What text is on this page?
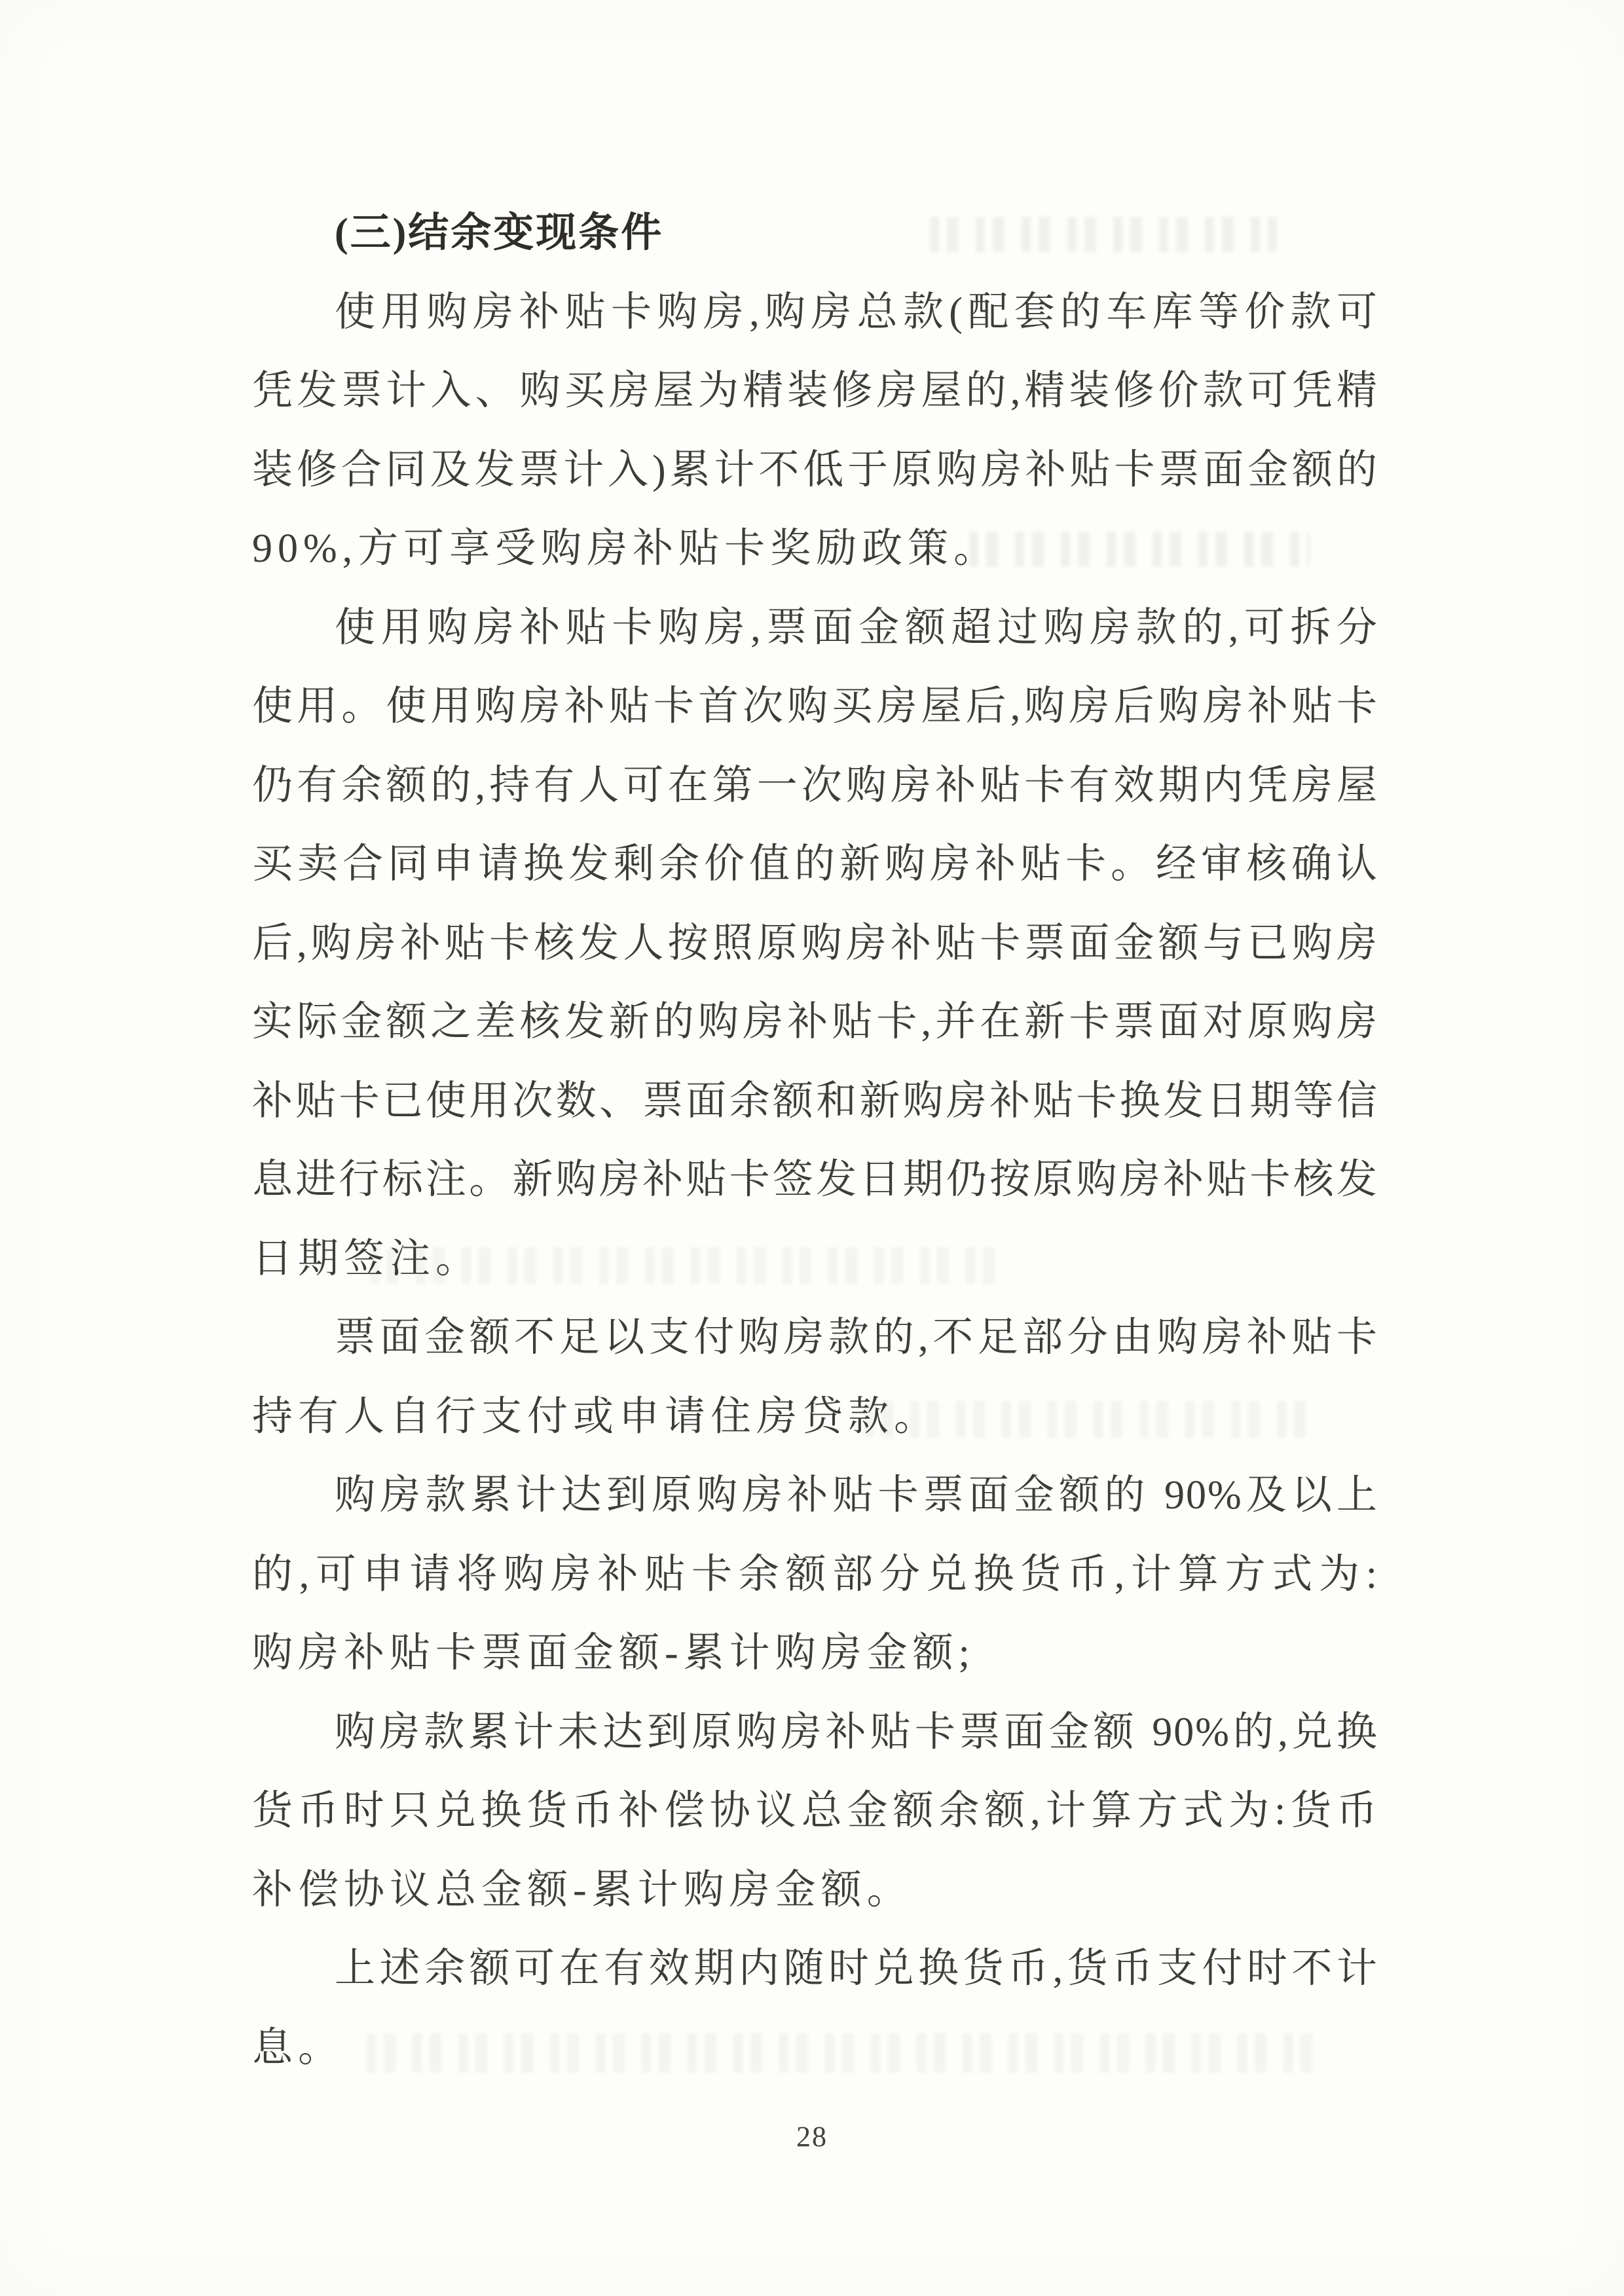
(三)结余变现条件
使用购房补贴卡购房,购房总款(配套的车库等价款可
凭发票计入、购买房屋为精装修房屋的,精装修价款可凭精
装修合同及发票计入)累计不低于原购房补贴卡票面金额的
90%,方可享受购房补贴卡奖励政策。
使用购房补贴卡购房,票面金额超过购房款的,可拆分
使用。使用购房补贴卡首次购买房屋后,购房后购房补贴卡
仍有余额的,持有人可在第一次购房补贴卡有效期内凭房屋
买卖合同申请换发剩余价值的新购房补贴卡。经审核确认
后,购房补贴卡核发人按照原购房补贴卡票面金额与已购房
实际金额之差核发新的购房补贴卡,并在新卡票面对原购房
补贴卡已使用次数、票面余额和新购房补贴卡换发日期等信
息进行标注。新购房补贴卡签发日期仍按原购房补贴卡核发
日期签注。
票面金额不足以支付购房款的,不足部分由购房补贴卡
持有人自行支付或申请住房贷款。
购房款累计达到原购房补贴卡票面金额的 90%及以上
的,可申请将购房补贴卡余额部分兑换货币,计算方式为:
购房补贴卡票面金额-累计购房金额;
购房款累计未达到原购房补贴卡票面金额 90%的,兑换
货币时只兑换货币补偿协议总金额余额,计算方式为:货币
补偿协议总金额-累计购房金额。
上述余额可在有效期内随时兑换货币,货币支付时不计
息。
28
